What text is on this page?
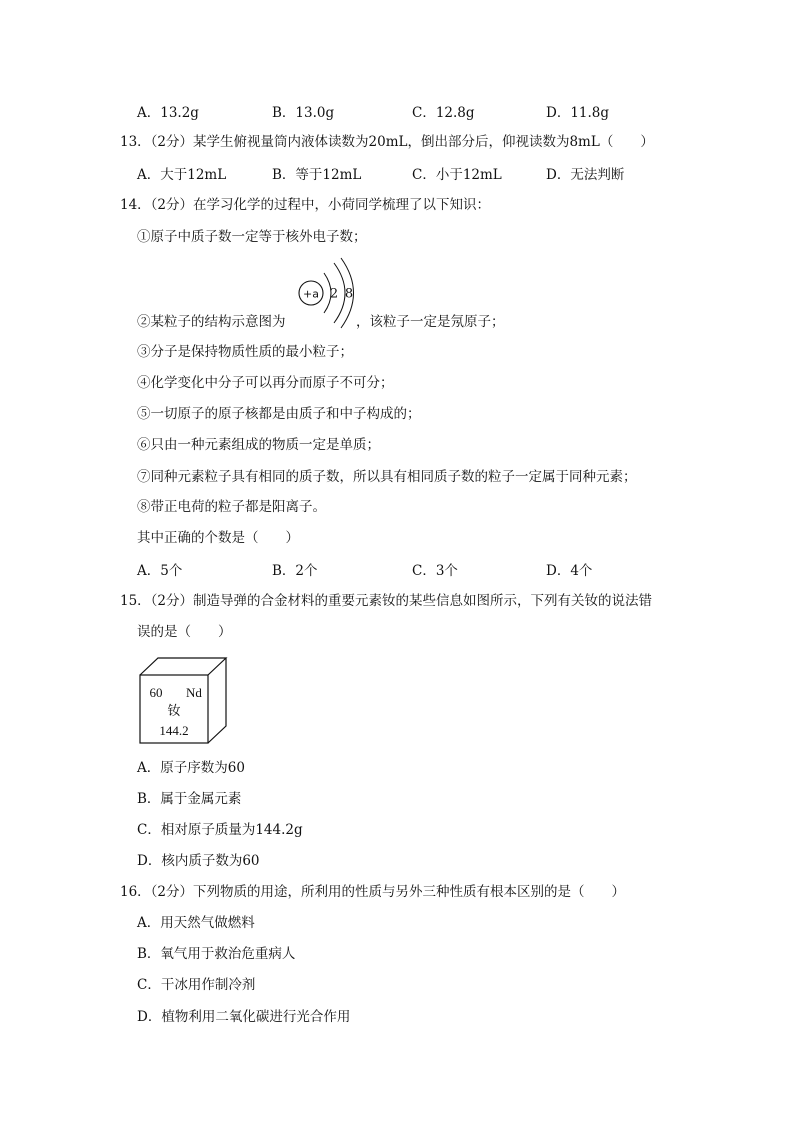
A．13.2g	B．13.0g	C．12.8g	D．11.8g
13．（2分）某学生俯视量筒内液体读数为20mL，倒出部分后，仰视读数为8mL（　　）
A．大于12mL	B．等于12mL	C．小于12mL	D．无法判断
14．（2分）在学习化学的过程中，小荷同学梳理了以下知识：
①原子中质子数一定等于核外电子数；
+a 2 8
②某粒子的结构示意图为	，该粒子一定是氖原子；
③分子是保持物质性质的最小粒子；
④化学变化中分子可以再分而原子不可分；
⑤一切原子的原子核都是由质子和中子构成的；
⑥只由一种元素组成的物质一定是单质；
⑦同种元素粒子具有相同的质子数，所以具有相同质子数的粒子一定属于同种元素；
⑧带正电荷的粒子都是阳离子。
其中正确的个数是（　　）
A．5个	B．2个	C．3个	D．4个
15．（2分）制造导弹的合金材料的重要元素钕的某些信息如图所示，下列有关钕的说法错
误的是（　　）
60 Nd
钕
144.2
A．原子序数为60
B．属于金属元素
C．相对原子质量为144.2g
D．核内质子数为60
16．（2分）下列物质的用途，所利用的性质与另外三种性质有根本区别的是（　　）
A．用天然气做燃料
B．氧气用于救治危重病人
C．干冰用作制冷剂
D．植物利用二氧化碳进行光合作用
